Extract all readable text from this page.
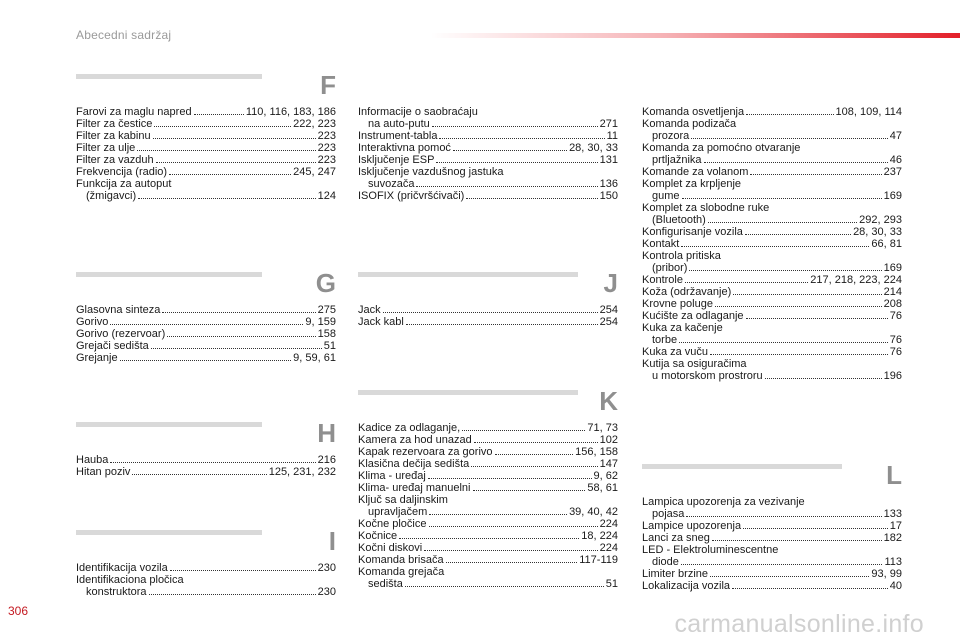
Abecedni sadržaj
F
Farovi za maglu napred	110, 116, 183, 186
Filter za čestice	222, 223
Filter za kabinu	223
Filter za ulje	223
Filter za vazduh	223
Frekvencija (radio)	245, 247
Funkcija za autoput
(žmigavci)	124
G
Glasovna sinteza	275
Gorivo	9, 159
Gorivo (rezervoar)	158
Grejači sedišta	51
Grejanje	9, 59, 61
H
Hauba	216
Hitan poziv	125, 231, 232
I
Identifikacija vozila	230
Identifikaciona pločica
konstruktora	230
Informacije o saobraćaju
na auto-putu	271
Instrument-tabla	11
Interaktivna pomoć	28, 30, 33
Isključenje ESP	131
Isključenje vazdušnog jastuka
suvozača	136
ISOFIX (pričvršćivači)	150
J
Jack	254
Jack kabl	254
K
Kadice za odlaganje,	71, 73
Kamera za hod unazad	102
Kapak rezervoara za gorivo	156, 158
Klasična dečija sedišta	147
Klima - uređaj	9, 62
Klima- uređaj manuelni	58, 61
Ključ sa daljinskim
upravljačem	39, 40, 42
Kočne pločice	224
Kočnice	18, 224
Kočni diskovi	224
Komanda brisača	117-119
Komanda grejača
sedišta	51
Komanda osvetljenja	108, 109, 114
Komanda podizača
prozora	47
Komanda za pomoćno otvaranje
prtljažnika	46
Komande za volanom	237
Komplet za krpljenje
gume	169
Komplet za slobodne ruke
(Bluetooth)	292, 293
Konfigurisanje vozila	28, 30, 33
Kontakt	66, 81
Kontrola pritiska
(pribor)	169
Kontrole	217, 218, 223, 224
Koža (održavanje)	214
Krovne poluge	208
Kućište za odlaganje	76
Kuka za kačenje
torbe	76
Kuka za vuču	76
Kutija sa osiguračima
u motorskom prostroru	196
L
Lampica upozorenja za vezivanje
pojasa	133
Lampice upozorenja	17
Lanci za sneg	182
LED - Elektroluminescentne
diode	113
Limiter brzine	93, 99
Lokalizacija vozila	40
306	carmanualsonline.info
